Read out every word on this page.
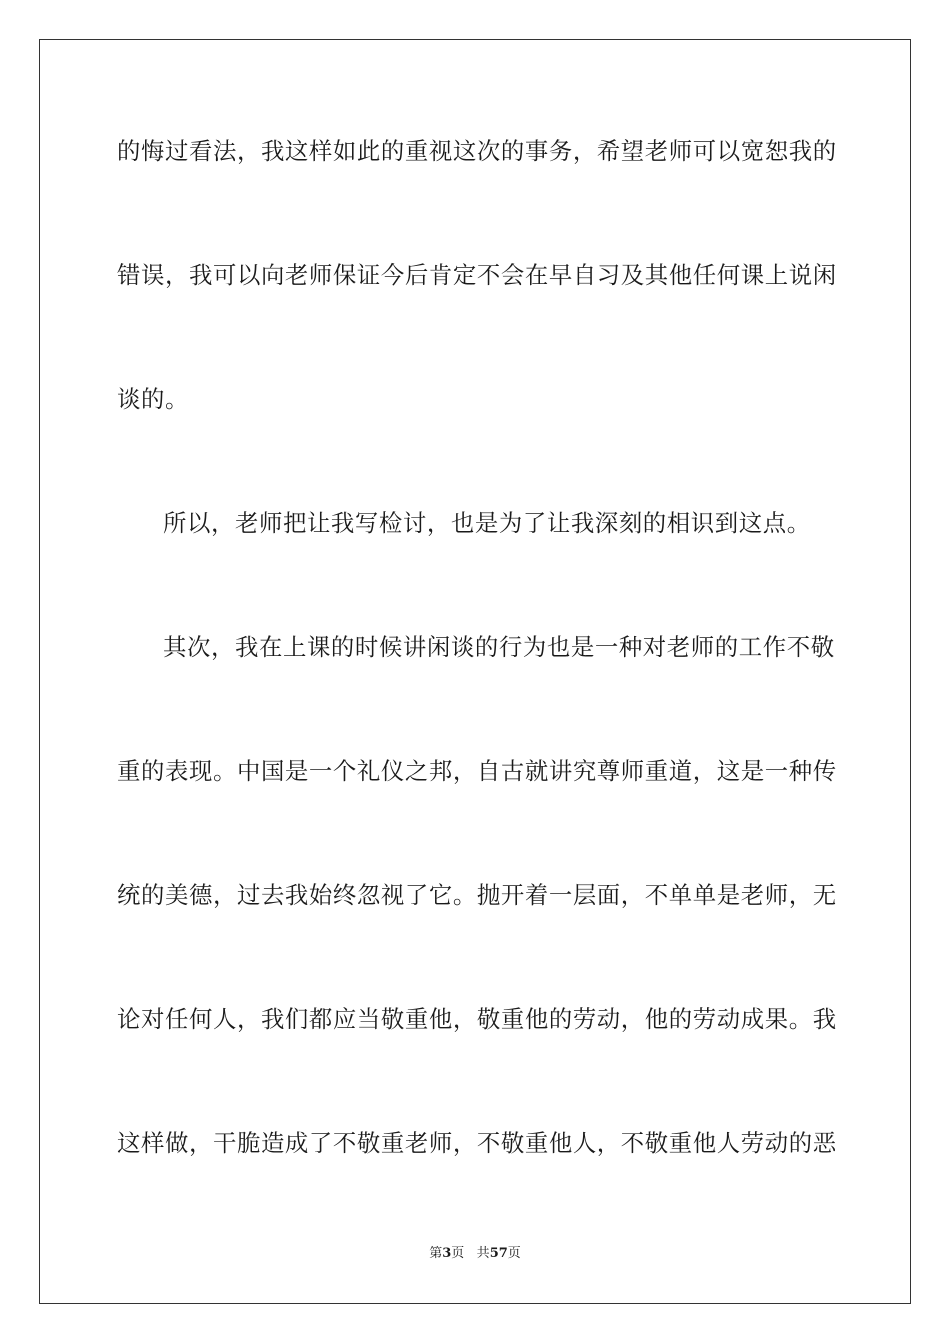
的悔过看法，我这样如此的重视这次的事务，希望老师可以宽恕我的
错误，我可以向老师保证今后肯定不会在早自习及其他任何课上说闲
谈的。
所以，老师把让我写检讨，也是为了让我深刻的相识到这点。
其次，我在上课的时候讲闲谈的行为也是一种对老师的工作不敬
重的表现。中国是一个礼仪之邦，自古就讲究尊师重道，这是一种传
统的美德，过去我始终忽视了它。抛开着一层面，不单单是老师，无
论对任何人，我们都应当敬重他，敬重他的劳动，他的劳动成果。我
这样做，干脆造成了不敬重老师，不敬重他人，不敬重他人劳动的恶
第3页 共57页
